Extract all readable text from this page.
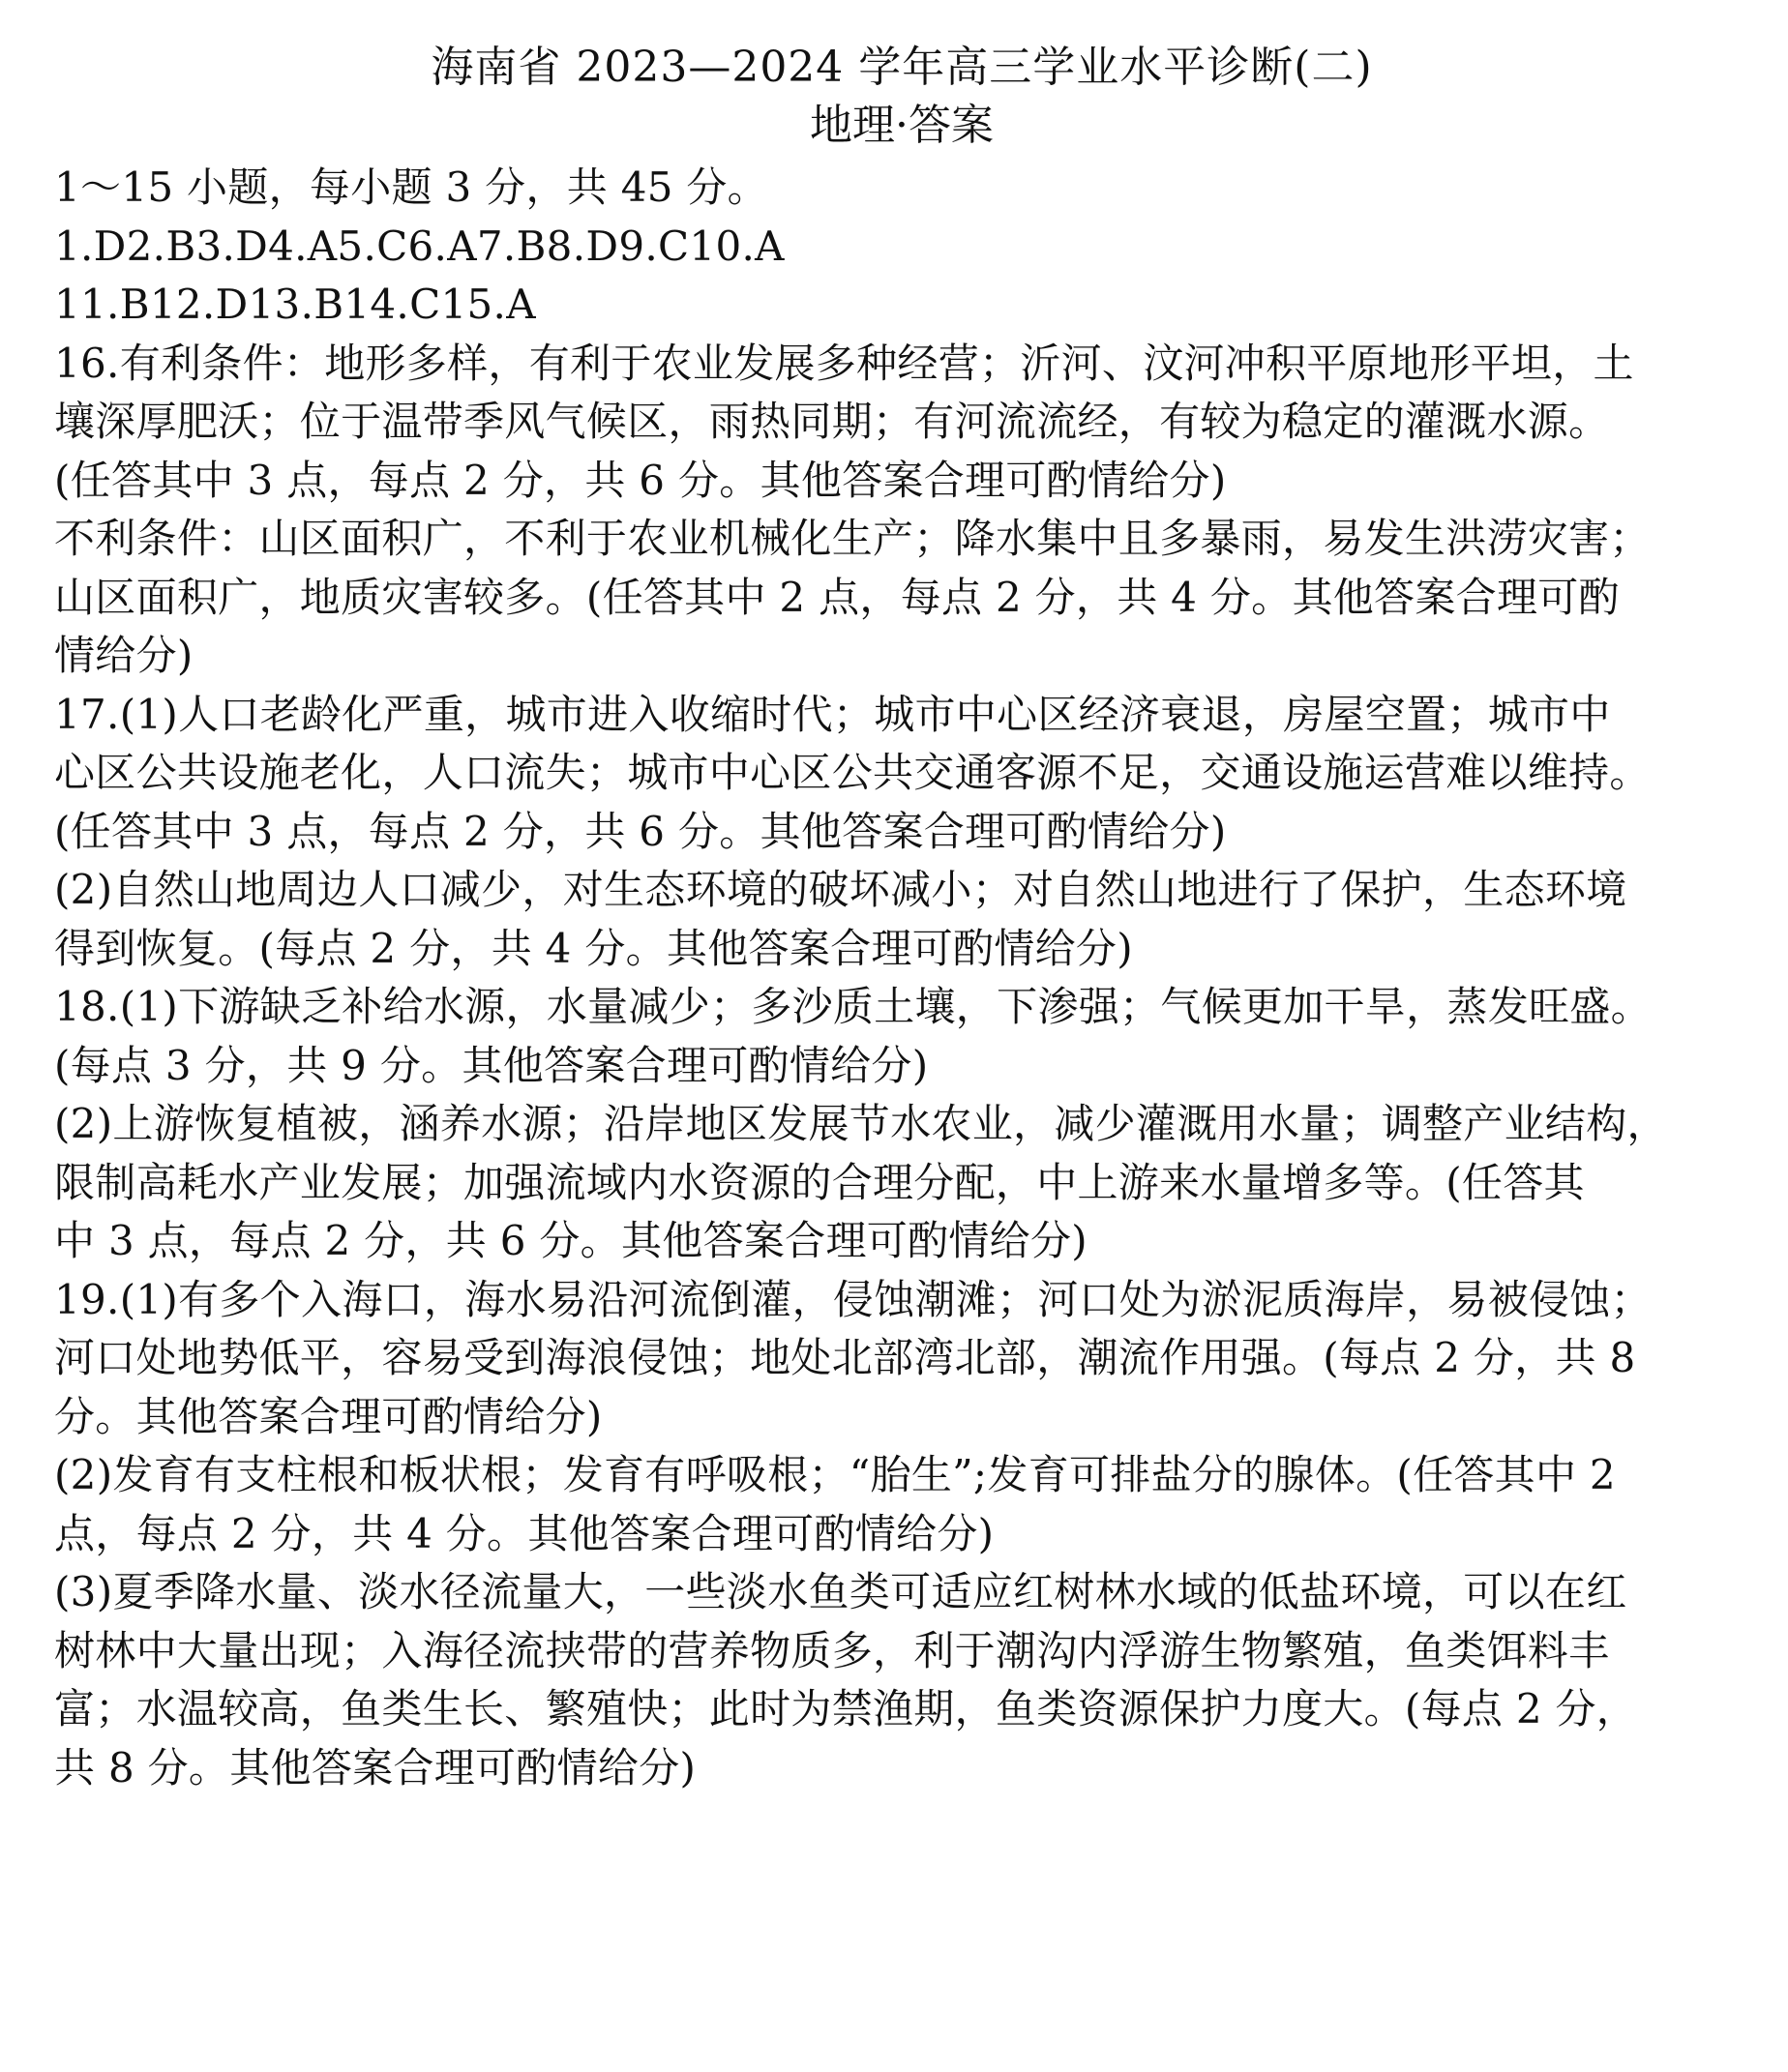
海南省 2023—2024 学年高三学业水平诊断(二)
地理·答案
1～15 小题，每小题 3 分，共 45 分。
1.D2.B3.D4.A5.C6.A7.B8.D9.C10.A
11.B12.D13.B14.C15.A
16.有利条件：地形多样，有利于农业发展多种经营；沂河、汶河冲积平原地形平坦，土
壤深厚肥沃；位于温带季风气候区，雨热同期；有河流流经，有较为稳定的灌溉水源。
(任答其中 3 点，每点 2 分，共 6 分。其他答案合理可酌情给分)
不利条件：山区面积广，不利于农业机械化生产；降水集中且多暴雨，易发生洪涝灾害；
山区面积广，地质灾害较多。(任答其中 2 点，每点 2 分，共 4 分。其他答案合理可酌
情给分)
17.(1)人口老龄化严重，城市进入收缩时代；城市中心区经济衰退，房屋空置；城市中
心区公共设施老化，人口流失；城市中心区公共交通客源不足，交通设施运营难以维持。
(任答其中 3 点，每点 2 分，共 6 分。其他答案合理可酌情给分)
(2)自然山地周边人口减少，对生态环境的破坏减小；对自然山地进行了保护，生态环境
得到恢复。(每点 2 分，共 4 分。其他答案合理可酌情给分)
18.(1)下游缺乏补给水源，水量减少；多沙质土壤，下渗强；气候更加干旱，蒸发旺盛。
(每点 3 分，共 9 分。其他答案合理可酌情给分)
(2)上游恢复植被，涵养水源；沿岸地区发展节水农业，减少灌溉用水量；调整产业结构，
限制高耗水产业发展；加强流域内水资源的合理分配，中上游来水量增多等。(任答其
中 3 点，每点 2 分，共 6 分。其他答案合理可酌情给分)
19.(1)有多个入海口，海水易沿河流倒灌，侵蚀潮滩；河口处为淤泥质海岸，易被侵蚀；
河口处地势低平，容易受到海浪侵蚀；地处北部湾北部，潮流作用强。(每点 2 分，共 8
分。其他答案合理可酌情给分)
(2)发育有支柱根和板状根；发育有呼吸根；“胎生”;发育可排盐分的腺体。(任答其中 2
点，每点 2 分，共 4 分。其他答案合理可酌情给分)
(3)夏季降水量、淡水径流量大，一些淡水鱼类可适应红树林水域的低盐环境，可以在红
树林中大量出现；入海径流挟带的营养物质多，利于潮沟内浮游生物繁殖，鱼类饵料丰
富；水温较高，鱼类生长、繁殖快；此时为禁渔期，鱼类资源保护力度大。(每点 2 分，
共 8 分。其他答案合理可酌情给分)
